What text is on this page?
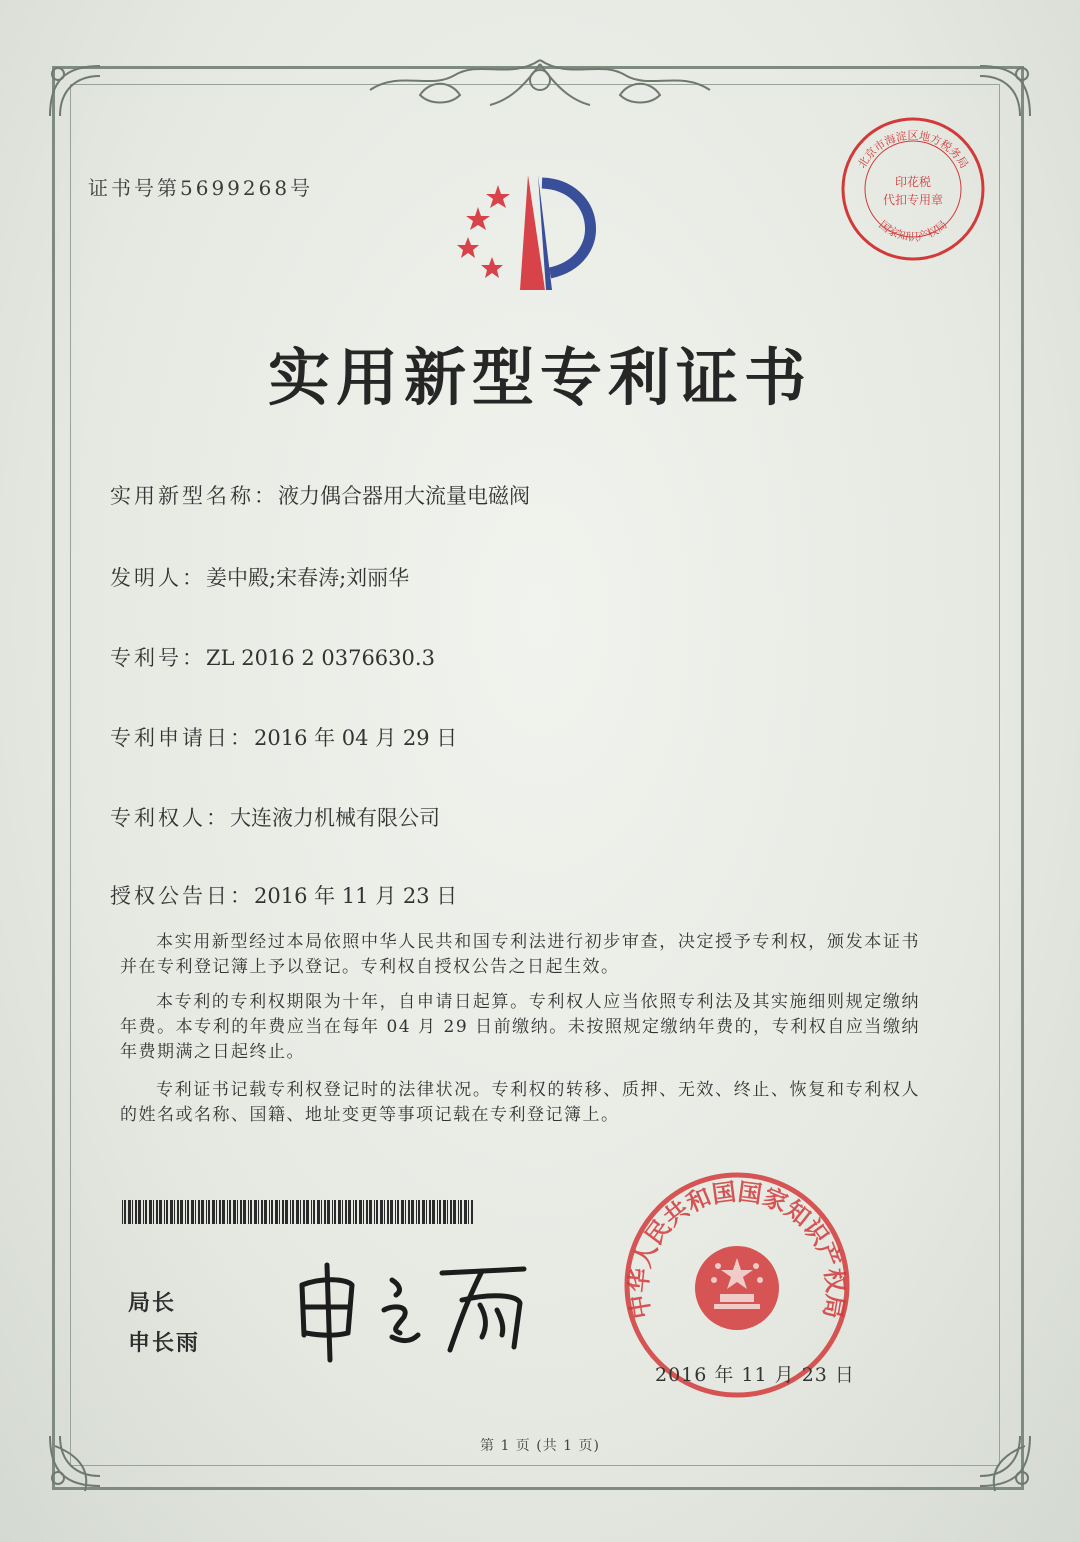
证书号第5699268号
北京市海淀区地方税务局
印花税
代扣专用章
国家知识产权局
实用新型专利证书
实用新型名称：液力偶合器用大流量电磁阀
发明人：姜中殿;宋春涛;刘丽华
专利号：ZL 2016 2 0376630.3
专利申请日：2016 年 04 月 29 日
专利权人：大连液力机械有限公司
授权公告日：2016 年 11 月 23 日
本实用新型经过本局依照中华人民共和国专利法进行初步审查，决定授予专利权，颁发本证书并在专利登记簿上予以登记。专利权自授权公告之日起生效。
本专利的专利权期限为十年，自申请日起算。专利权人应当依照专利法及其实施细则规定缴纳年费。本专利的年费应当在每年 04 月 29 日前缴纳。未按照规定缴纳年费的，专利权自应当缴纳年费期满之日起终止。
专利证书记载专利权登记时的法律状况。专利权的转移、质押、无效、终止、恢复和专利权人的姓名或名称、国籍、地址变更等事项记载在专利登记簿上。
局长
申长雨
中华人民共和国国家知识产权局
2016 年 11 月 23 日
第 1 页 (共 1 页)
